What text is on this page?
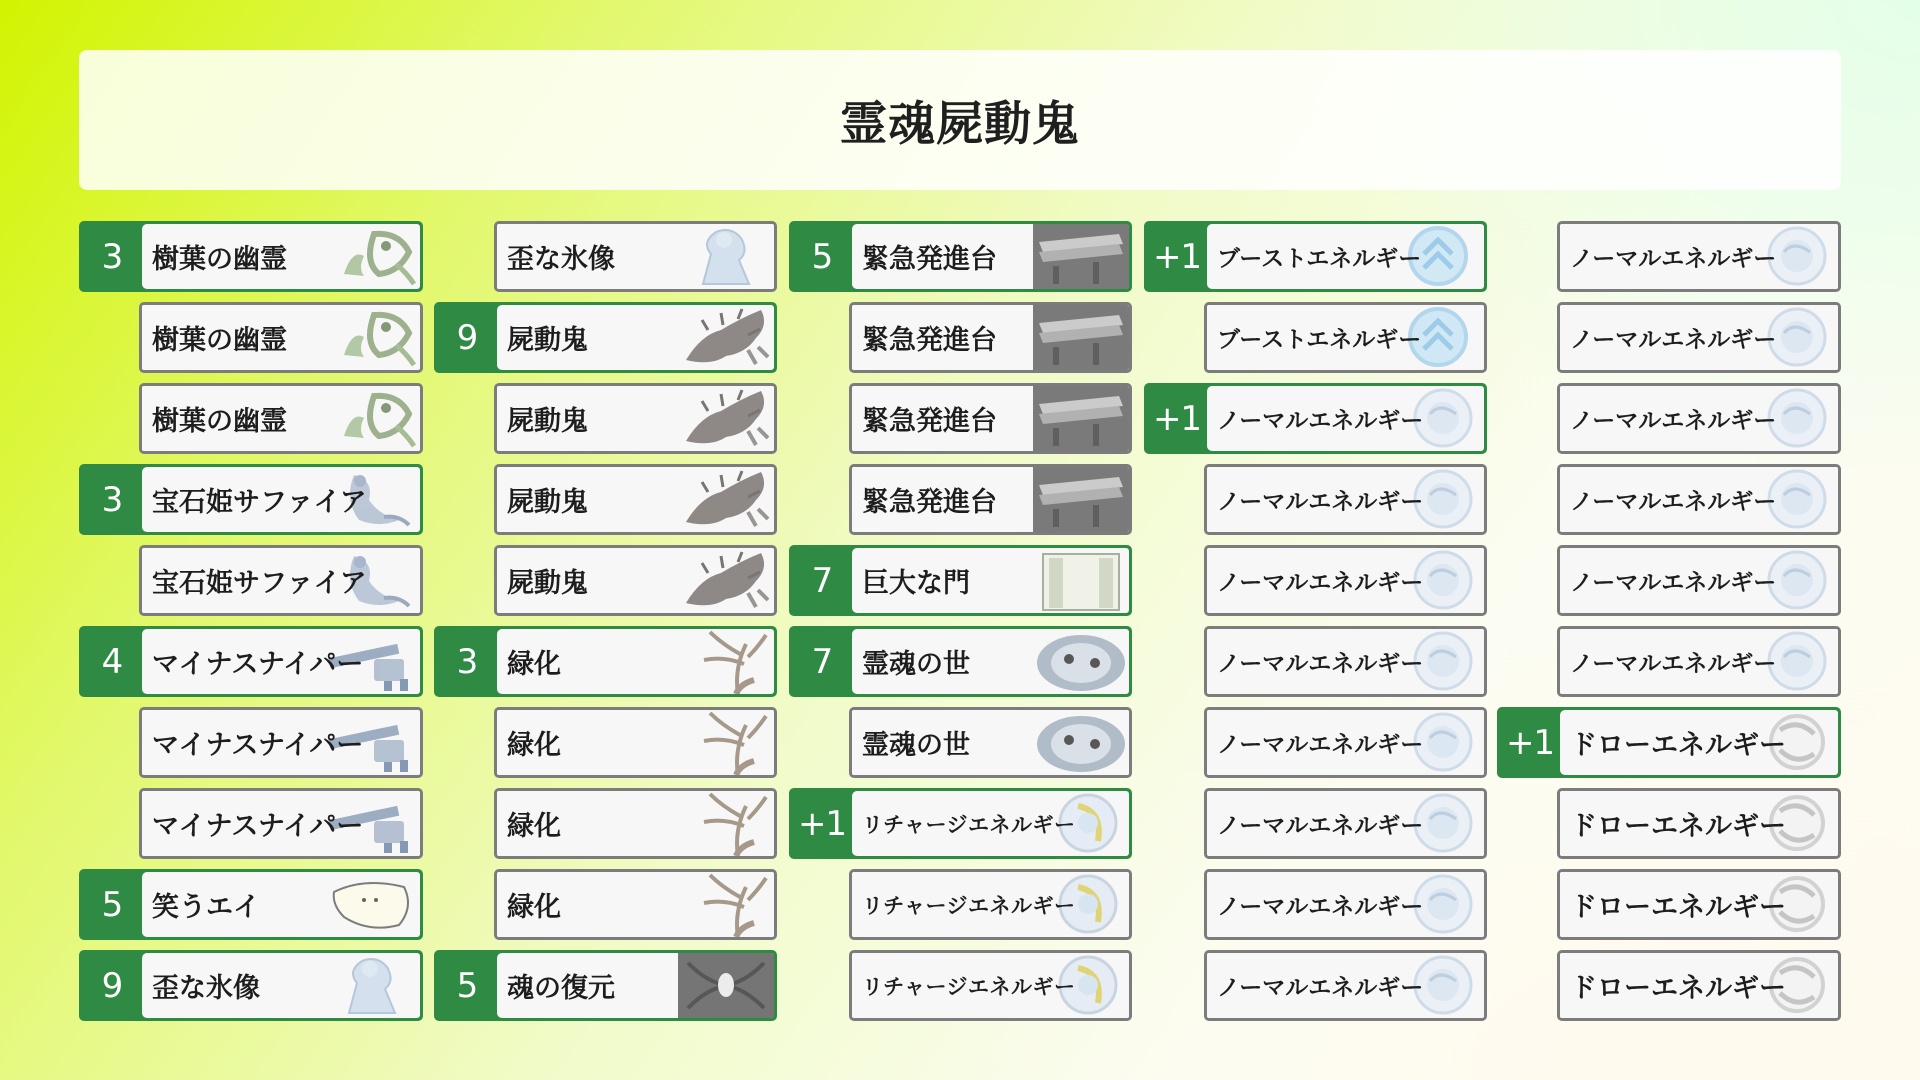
霊魂屍動鬼
3	樹葉の幽霊
樹葉の幽霊
樹葉の幽霊
3	宝石姫サファイア
宝石姫サファイア
4	マイナスナイパー
マイナスナイパー
マイナスナイパー
5	笑うエイ
9	歪な氷像
歪な氷像
9	屍動鬼
屍動鬼
屍動鬼
屍動鬼
3	緑化
緑化
緑化
緑化
5	魂の復元
5	緊急発進台
緊急発進台
緊急発進台
緊急発進台
7	巨大な門
7	霊魂の世
霊魂の世
+1 リチャージエネルギー
リチャージエネルギー
リチャージエネルギー
+1 ブーストエネルギー
ブーストエネルギー
+1 ノーマルエネルギー
ノーマルエネルギー
ノーマルエネルギー
ノーマルエネルギー
ノーマルエネルギー
ノーマルエネルギー
ノーマルエネルギー
ノーマルエネルギー
ノーマルエネルギー
ノーマルエネルギー
ノーマルエネルギー
ノーマルエネルギー
ノーマルエネルギー
ノーマルエネルギー
+1 ドローエネルギー
ドローエネルギー
ドローエネルギー
ドローエネルギー
